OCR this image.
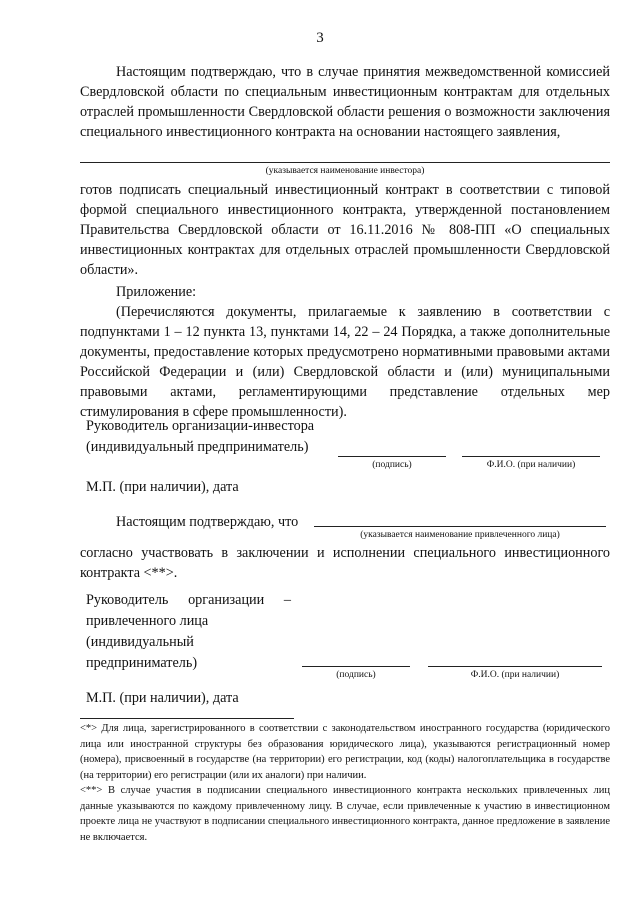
3

Настоящим подтверждаю, что в случае принятия межведомственной комиссией Свердловской области по специальным инвестиционным контрактам для отдельных отраслей промышленности Свердловской области решения о возможности заключения специального инвестиционного контракта на основании настоящего заявления,

(указывается наименование инвестора)

готов подписать специальный инвестиционный контракт в соответствии с типовой формой специального инвестиционного контракта, утвержденной постановлением Правительства Свердловской области от 16.11.2016 № 808-ПП «О специальных инвестиционных контрактах для отдельных отраслей промышленности Свердловской области».

Приложение:

(Перечисляются документы, прилагаемые к заявлению в соответствии с подпунктами 1 – 12 пункта 13, пунктами 14, 22 – 24 Порядка, а также дополнительные документы, предоставление которых предусмотрено нормативными правовыми актами Российской Федерации и (или) Свердловской области и (или) муниципальными правовыми актами, регламентирующими представление отдельных мер стимулирования в сфере промышленности).

Руководитель организации-инвестора
(индивидуальный предприниматель)
(подпись)	Ф.И.О. (при наличии)
М.П. (при наличии), дата
Настоящим подтверждаю, что
(указывается наименование привлеченного лица)

согласно участвовать в заключении и исполнении специального инвестиционного контракта <**>.

Руководитель организации –
привлеченного лица
(индивидуальный
предприниматель)
(подпись)	Ф.И.О. (при наличии)
М.П. (при наличии), дата

<*> Для лица, зарегистрированного в соответствии с законодательством иностранного государства (юридического лица или иностранной структуры без образования юридического лица), указываются регистрационный номер (номера), присвоенный в государстве (на территории) его регистрации, код (коды) налогоплательщика в государстве (на территории) его регистрации (или их аналоги) при наличии.

<**> В случае участия в подписании специального инвестиционного контракта нескольких привлеченных лиц данные указываются по каждому привлеченному лицу. В случае, если привлеченные к участию в инвестиционном проекте лица не участвуют в подписании специального инвестиционного контракта, данное предложение в заявление не включается.
